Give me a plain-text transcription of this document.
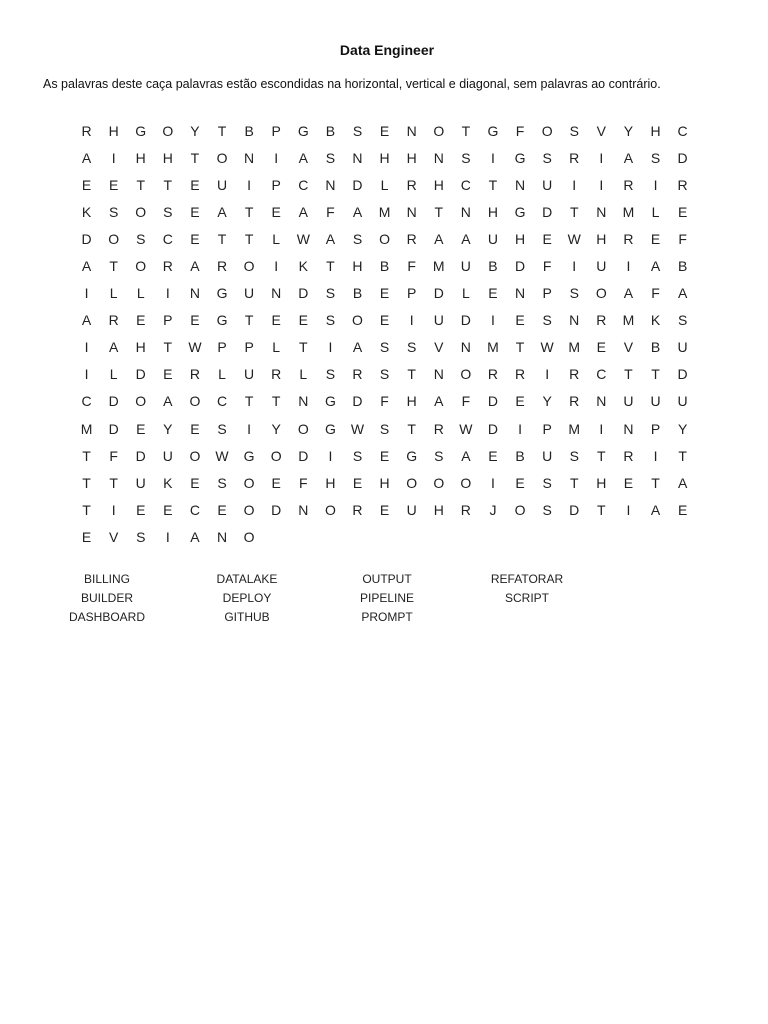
Data Engineer
As palavras deste caça palavras estão escondidas na horizontal, vertical e diagonal, sem palavras ao contrário.
R	H	G	O	Y	T	B	P	G	B	S	E	N	O	T	G	F	O	S	V	Y	H	C
A	I	H	H	T	O	N	I	A	S	N	H	H	N	S	I	G	S	R	I	A	S	D
E	E	T	T	E	U	I	P	C	N	D	L	R	H	C	T	N	U	I	I	R	I	R
K	S	O	S	E	A	T	E	A	F	A	M	N	T	N	H	G	D	T	N	M	L	E
D	O	S	C	E	T	T	L	W	A	S	O	R	A	A	U	H	E	W	H	R	E	F
A	T	O	R	A	R	O	I	K	T	H	B	F	M	U	B	D	F	I	U	I	A	B
I	L	L	I	N	G	U	N	D	S	B	E	P	D	L	E	N	P	S	O	A	F	A
A	R	E	P	E	G	T	E	E	S	O	E	I	U	D	I	E	S	N	R	M	K	S
I	A	H	T	W	P	P	L	T	I	A	S	S	V	N	M	T	W	M	E	V	B	U
I	L	D	E	R	L	U	R	L	S	R	S	T	N	O	R	R	I	R	C	T	T	D
C	D	O	A	O	C	T	T	N	G	D	F	H	A	F	D	E	Y	R	N	U	U	U
M	D	E	Y	E	S	I	Y	O	G	W	S	T	R	W	D	I	P	M	I	N	P	Y
T	F	D	U	O	W	G	O	D	I	S	E	G	S	A	E	B	U	S	T	R	I	T
T	T	U	K	E	S	O	E	F	H	E	H	O	O	O	I	E	S	T	H	E	T	A
T	I	E	E	C	E	O	D	N	O	R	E	U	H	R	J	O	S	D	T	I	A	E
E	V	S	I	A	N	O
BILLING
BUILDER
DASHBOARD
DATALAKE
DEPLOY
GITHUB
OUTPUT
PIPELINE
PROMPT
REFATORAR
SCRIPT
